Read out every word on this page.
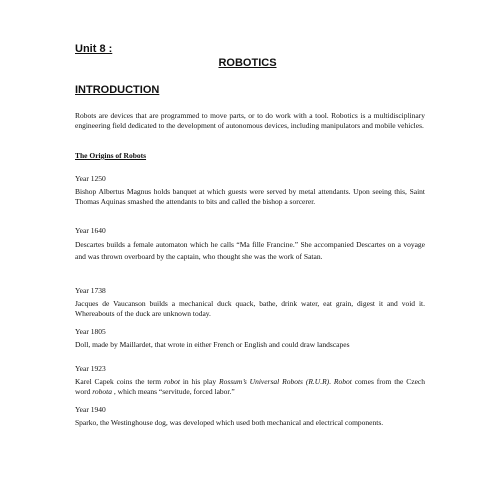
Unit 8 :
ROBOTICS
INTRODUCTION
Robots are devices that are programmed to move parts, or to do work with a tool. Robotics is a multidisciplinary engineering field dedicated to the development of autonomous devices, including manipulators and mobile vehicles.
The Origins of Robots
Year 1250
Bishop Albertus Magnus holds banquet at which guests were served by metal attendants. Upon seeing this, Saint Thomas Aquinas smashed the attendants to bits and called the bishop a sorcerer.
Year 1640
Descartes builds a female automaton which he calls “Ma fille Francine.” She accompanied Descartes on a voyage and was thrown overboard by the captain, who thought she was the work of Satan.
Year 1738
Jacques de Vaucanson builds a mechanical duck quack, bathe, drink water, eat grain, digest it and void it. Whereabouts of the duck are unknown today.
Year 1805
Doll, made by Maillardet, that wrote in either French or English and could draw landscapes
Year 1923
Karel Capek coins the term robot in his play Rossum’s Universal Robots (R.U.R). Robot comes from the Czech word robota , which means “servitude, forced labor.”
Year 1940
Sparko, the Westinghouse dog, was developed which used both mechanical and electrical components.
